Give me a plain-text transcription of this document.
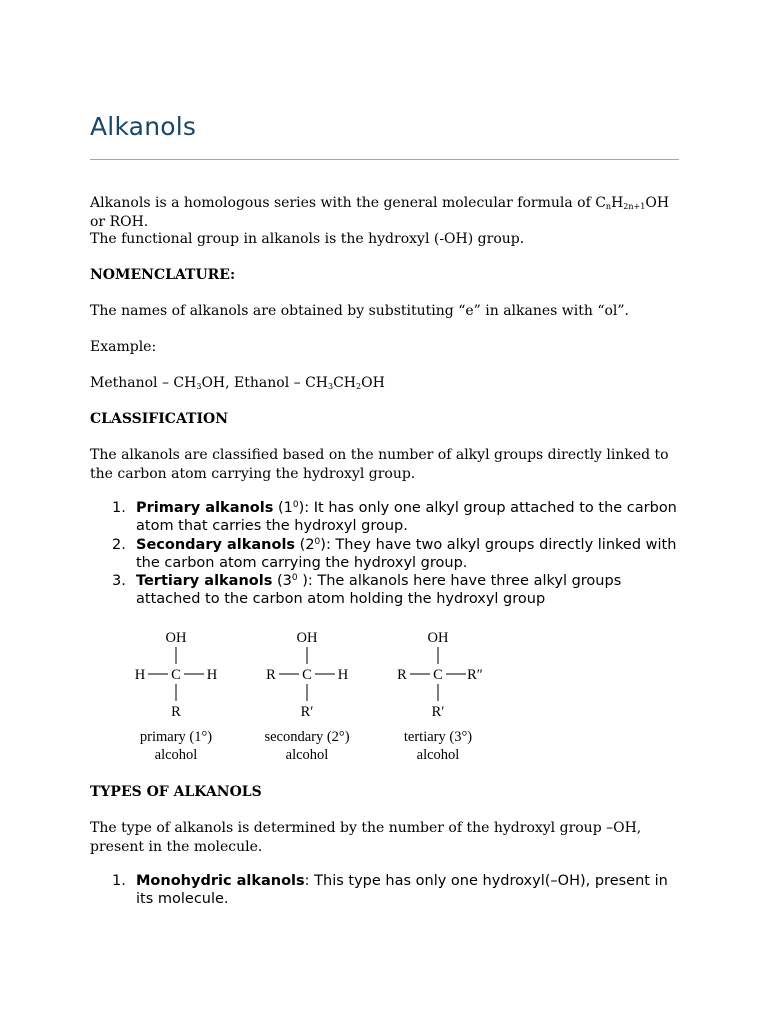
Alkanols

Alkanols is a homologous series with the general molecular formula of $C_nH_{2n+1}OH$ or ROH.

The functional group in alkanols is the hydroxyl (-OH) group.

NOMENCLATURE:

The names of alkanols are obtained by substituting “e” in alkanes with “ol”.

Example:

Methanol – $CH_3OH$, Ethanol – $CH_3CH_2OH$

CLASSIFICATION

The alkanols are classified based on the number of alkyl groups directly linked to the carbon atom carrying the hydroxyl group.

1. Primary alkanols $(1^0)$: It has only one alkyl group attached to the carbon atom that carries the hydroxyl group.
2. Secondary alkanols $(2^0)$: They have two alkyl groups directly linked with the carbon atom carrying the hydroxyl group.
3. Tertiary alkanols ($3^0$ ): The alkanols here have three alkyl groups attached to the carbon atom holding the hydroxyl group
OH
H C H
R
primary (1°)
alcohol
OH
R C H
R′
secondary (2°)
alcohol
OH
R C R″
R′
tertiary (3°)
alcohol

TYPES OF ALKANOLS

The type of alkanols is determined by the number of the hydroxyl group –OH, present in the molecule.

1. Monohydric alkanols: This type has only one hydroxyl(–OH), present in its molecule.
